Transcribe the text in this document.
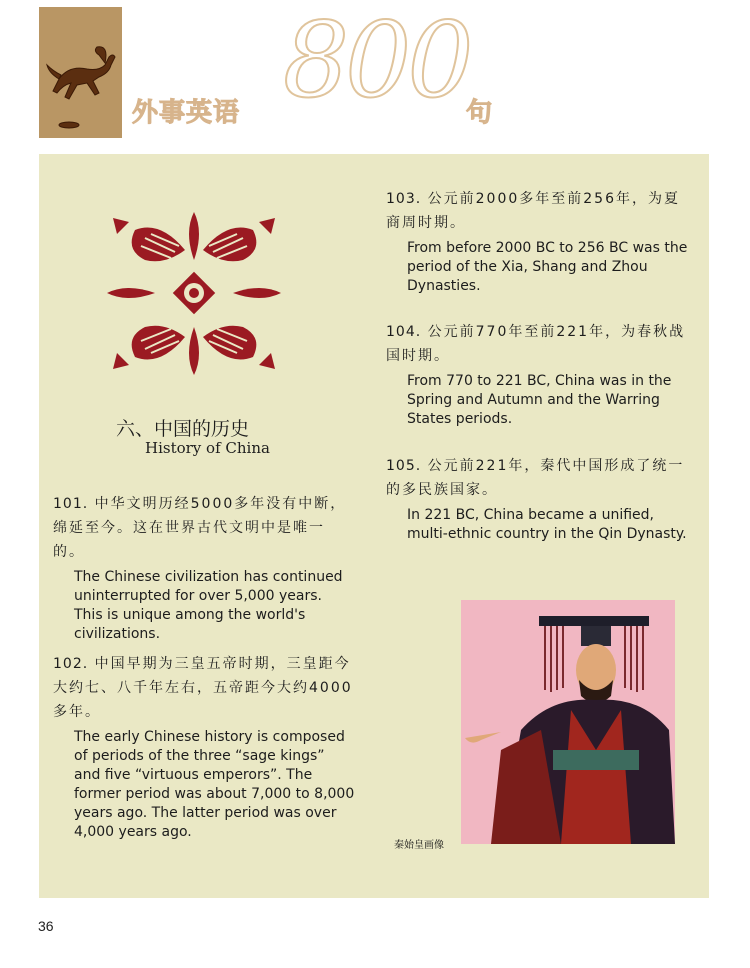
外事英语 800
句
六、中国的历史
History of China
101. 中华文明历经5000多年没有中断，绵延至今。这在世界古代文明中是唯一的。
The Chinese civilization has continued uninterrupted for over 5,000 years. This is unique among the world's civilizations.
102. 中国早期为三皇五帝时期，三皇距今大约七、八千年左右，五帝距今大约4000多年。
The early Chinese history is composed of periods of the three “sage kings” and five “virtuous emperors”. The former period was about 7,000 to 8,000 years ago. The latter period was over 4,000 years ago.
103. 公元前2000多年至前256年，为夏商周时期。
From before 2000 BC to 256 BC was the period of the Xia, Shang and Zhou Dynasties.
104. 公元前770年至前221年，为春秋战国时期。
From 770 to 221 BC, China was in the Spring and Autumn and the Warring States periods.
105. 公元前221年，秦代中国形成了统一的多民族国家。
In 221 BC, China became a unified, multi-ethnic country in the Qin Dynasty.
秦始皇画像
36
